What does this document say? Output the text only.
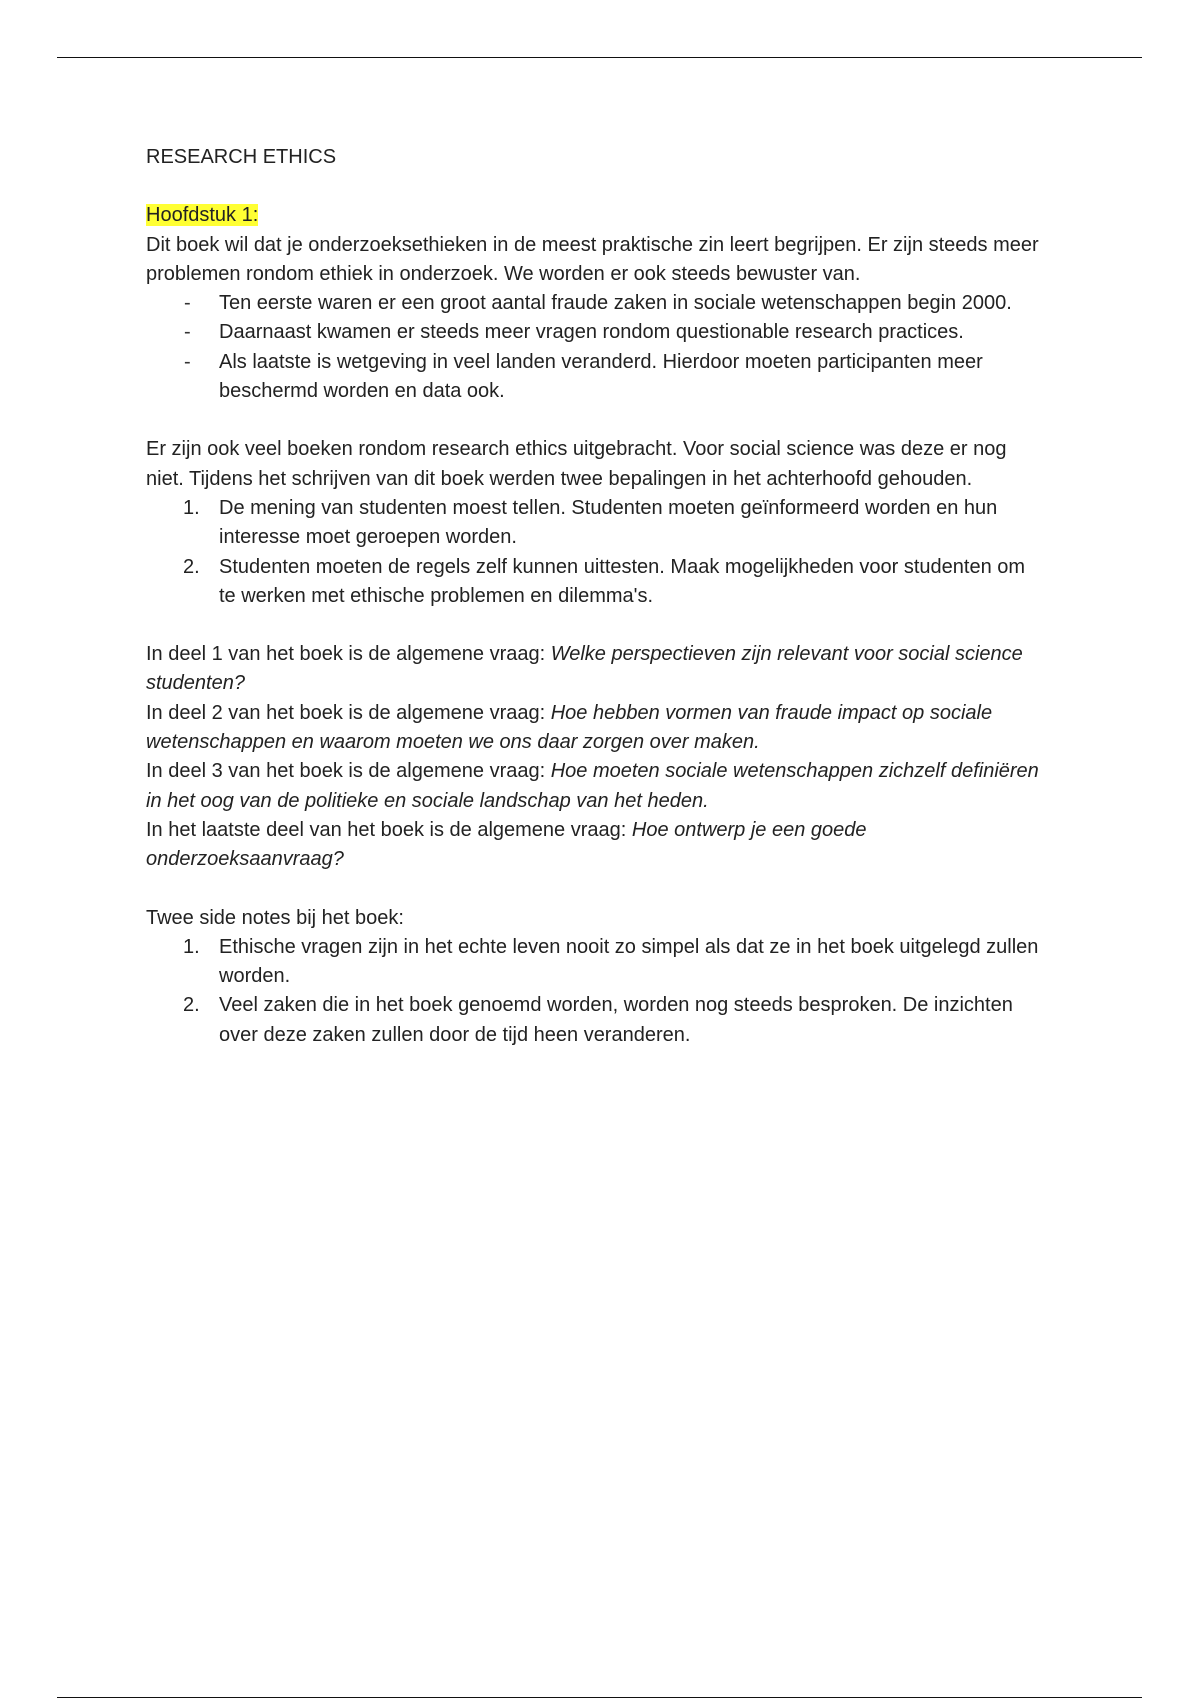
RESEARCH ETHICS

Hoofdstuk 1:

Dit boek wil dat je onderzoeksethieken in de meest praktische zin leert begrijpen. Er zijn steeds meer problemen rondom ethiek in onderzoek. We worden er ook steeds bewuster van.

- Ten eerste waren er een groot aantal fraude zaken in sociale wetenschappen begin 2000.
- Daarnaast kwamen er steeds meer vragen rondom questionable research practices.
- Als laatste is wetgeving in veel landen veranderd. Hierdoor moeten participanten meer beschermd worden en data ook.

Er zijn ook veel boeken rondom research ethics uitgebracht. Voor social science was deze er nog niet. Tijdens het schrijven van dit boek werden twee bepalingen in het achterhoofd gehouden.

1. De mening van studenten moest tellen. Studenten moeten geïnformeerd worden en hun interesse moet geroepen worden.
2. Studenten moeten de regels zelf kunnen uittesten. Maak mogelijkheden voor studenten om te werken met ethische problemen en dilemma's.

In deel 1 van het boek is de algemene vraag: Welke perspectieven zijn relevant voor social science studenten?

In deel 2 van het boek is de algemene vraag: Hoe hebben vormen van fraude impact op sociale wetenschappen en waarom moeten we ons daar zorgen over maken.

In deel 3 van het boek is de algemene vraag: Hoe moeten sociale wetenschappen zichzelf definiëren in het oog van de politieke en sociale landschap van het heden.

In het laatste deel van het boek is de algemene vraag: Hoe ontwerp je een goede onderzoeksaanvraag?

Twee side notes bij het boek:

1. Ethische vragen zijn in het echte leven nooit zo simpel als dat ze in het boek uitgelegd zullen worden.
2. Veel zaken die in het boek genoemd worden, worden nog steeds besproken. De inzichten over deze zaken zullen door de tijd heen veranderen.
